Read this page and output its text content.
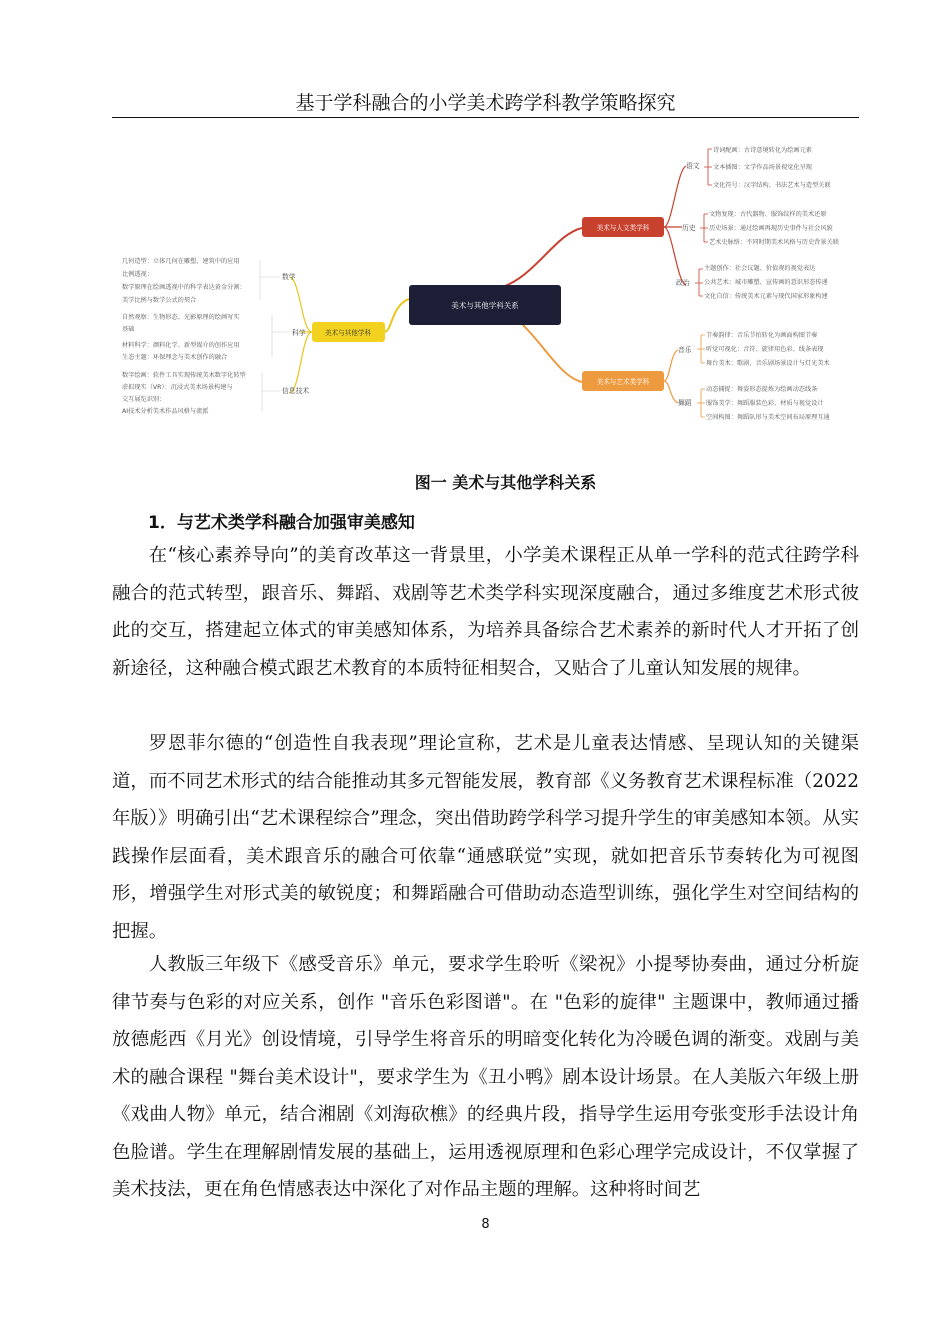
基于学科融合的小学美术跨学科教学策略探究
美术与其他学科关系
美术与人文类学科
语文
诗词配画：古诗意境转化为绘画元素
文本插图：文学作品场景视觉化呈现
文化符号：汉字结构、书法艺术与造型关联
历史
文物复现：古代器物、服饰纹样的美术还原
历史场景：通过绘画再现历史事件与社会风貌
艺术史脉络：不同时期美术风格与历史背景关联
政治
主题创作：社会议题、价值观的视觉表达
公共艺术：城市雕塑、宣传画的意识形态传递
文化自信：传统美术元素与现代国家形象构建
美术与艺术类学科
音乐
节奏韵律：音乐节拍转化为画面构图节奏
听觉可视化：音符、旋律用色彩、线条表现
舞台美术：歌剧、音乐剧场景设计与灯光美术
舞蹈
动态捕捉：舞姿形态提炼为绘画动态线条
服饰美学：舞蹈服装色彩、材质与视觉设计
空间构图：舞蹈队形与美术空间布局原理互通
美术与其他学科
数学
几何造型：立体几何在雕塑、建筑中的应用
比例透视：
数学原理在绘画透视中的科学表达黄金分割：
美学比例与数学公式的契合
科学
自然观察：生物形态、光影原理的绘画写实
基础
材料科学：颜料化学、新型媒介的创作应用
生态主题：环保理念与美术创作的融合
信息技术
数字绘画：软件工具实现传统美术数字化转型
虚拟现实（VR）：沉浸式美术场景构建与
交互展览识别：
AI技术分析美术作品风格与流派
图一 美术与其他学科关系
1．与艺术类学科融合加强审美感知

在“核心素养导向”的美育改革这一背景里，小学美术课程正从单一学科的范式往跨学科融合的范式转型，跟音乐、舞蹈、戏剧等艺术类学科实现深度融合，通过多维度艺术形式彼此的交互，搭建起立体式的审美感知体系，为培养具备综合艺术素养的新时代人才开拓了创新途径，这种融合模式跟艺术教育的本质特征相契合，又贴合了儿童认知发展的规律。

罗恩菲尔德的“创造性自我表现”理论宣称，艺术是儿童表达情感、呈现认知的关键渠道，而不同艺术形式的结合能推动其多元智能发展，教育部《义务教育艺术课程标准（2022年版）》明确引出“艺术课程综合”理念，突出借助跨学科学习提升学生的审美感知本领。从实践操作层面看，美术跟音乐的融合可依靠“通感联觉”实现，就如把音乐节奏转化为可视图形，增强学生对形式美的敏锐度；和舞蹈融合可借助动态造型训练，强化学生对空间结构的把握。

人教版三年级下《感受音乐》单元，要求学生聆听《梁祝》小提琴协奏曲，通过分析旋律节奏与色彩的对应关系，创作 "音乐色彩图谱"。在 "色彩的旋律" 主题课中，教师通过播放德彪西《月光》创设情境，引导学生将音乐的明暗变化转化为冷暖色调的渐变。戏剧与美术的融合课程 "舞台美术设计"，要求学生为《丑小鸭》剧本设计场景。在人美版六年级上册《戏曲人物》单元，结合湘剧《刘海砍樵》的经典片段，指导学生运用夸张变形手法设计角色脸谱。学生在理解剧情发展的基础上，运用透视原理和色彩心理学完成设计，不仅掌握了美术技法，更在角色情感表达中深化了对作品主题的理解。这种将时间艺

8
